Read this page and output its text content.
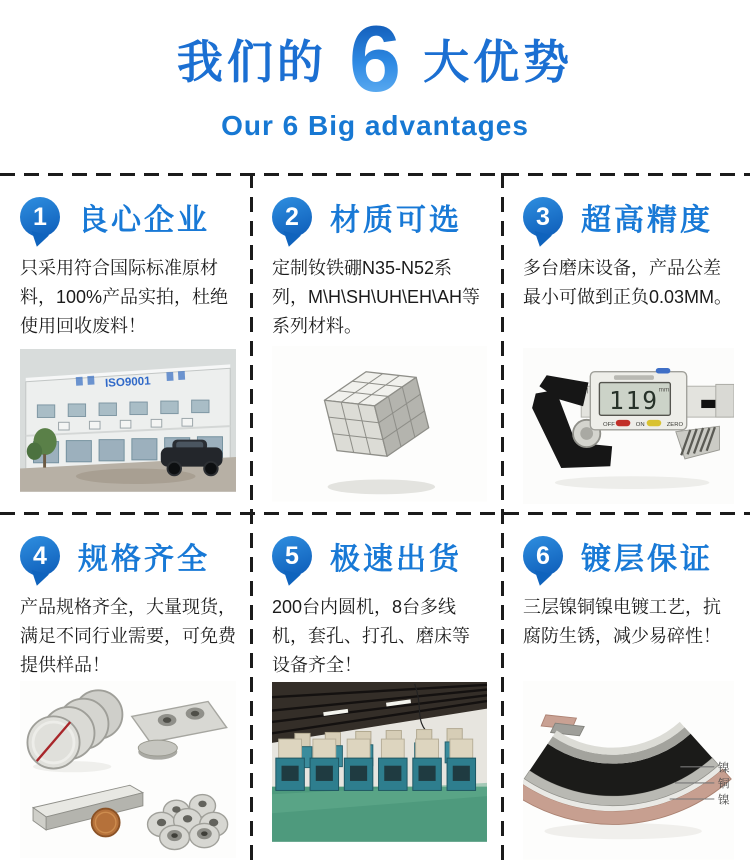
我们的 6 大优势
Our 6 Big advantages
1 良心企业

只采用符合国际标准原材料，100%产品实拍，杜绝使用回收废料！

ISO9001
2 材质可选

定制钕铁硼N35-N52系列，M\H\SH\UH\EH\AH等系列材料。

3 超高精度

多台磨床设备，产品公差最小可做到正负0.03MM。

119 mm
OFF	ON	ZERO
4 规格齐全

产品规格齐全，大量现货，满足不同行业需要，可免费提供样品！

5 极速出货

200台内圆机，8台多线机，套孔、打孔、磨床等设备齐全！

6 镀层保证

三层镍铜镍电镀工艺，抗腐防生锈，减少易碎性！

镍
铜
镍
